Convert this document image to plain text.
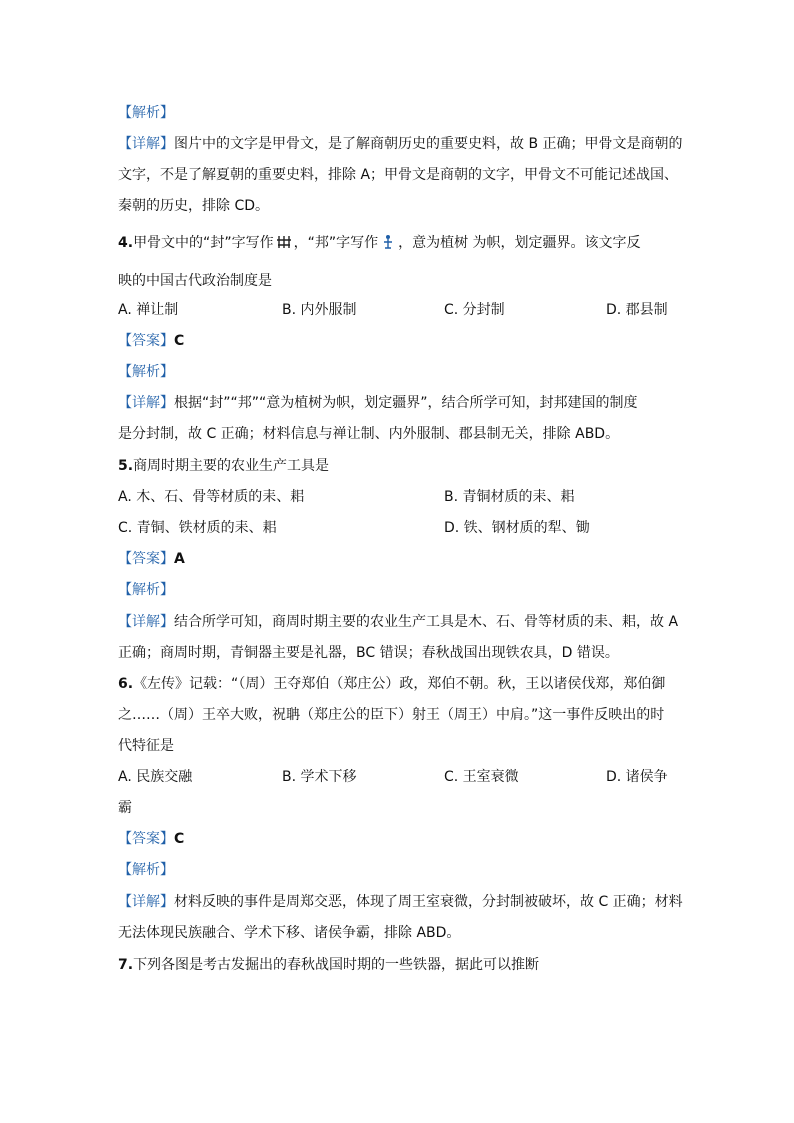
【解析】
【详解】图片中的文字是甲骨文，是了解商朝历史的重要史料，故 B 正确；甲骨文是商朝的
文字，不是了解夏朝的重要史料，排除 A；甲骨文是商朝的文字，甲骨文不可能记述战国、
秦朝的历史，排除 CD。
4.甲骨文中的“封”字写作 ，“邦”字写作 ，意为植树 为帜，划定疆界。该文字反
映的中国古代政治制度是
A. 禅让制	B. 内外服制	C. 分封制	D. 郡县制
【答案】C
【解析】
【详解】根据“封”“邦”“意为植树为帜，划定疆界”，结合所学可知，封邦建国的制度
是分封制，故 C 正确；材料信息与禅让制、内外服制、郡县制无关，排除 ABD。
5.商周时期主要的农业生产工具是
A. 木、石、骨等材质的耒、耜	B. 青铜材质的耒、耜
C. 青铜、铁材质的耒、耜	D. 铁、钢材质的犁、锄
【答案】A
【解析】
【详解】结合所学可知，商周时期主要的农业生产工具是木、石、骨等材质的耒、耜，故 A
正确；商周时期，青铜器主要是礼器，BC 错误；春秋战国出现铁农具，D 错误。
6.《左传》记载：“（周）王夺郑伯（郑庄公）政，郑伯不朝。秋，王以诸侯伐郑，郑伯御
之……（周）王卒大败，祝聃（郑庄公的臣下）射王（周王）中肩。”这一事件反映出的时
代特征是
A. 民族交融	B. 学术下移	C. 王室衰微	D. 诸侯争
霸
【答案】C
【解析】
【详解】材料反映的事件是周郑交恶，体现了周王室衰微，分封制被破坏，故 C 正确；材料
无法体现民族融合、学术下移、诸侯争霸，排除 ABD。
7.下列各图是考古发掘出的春秋战国时期的一些铁器，据此可以推断
